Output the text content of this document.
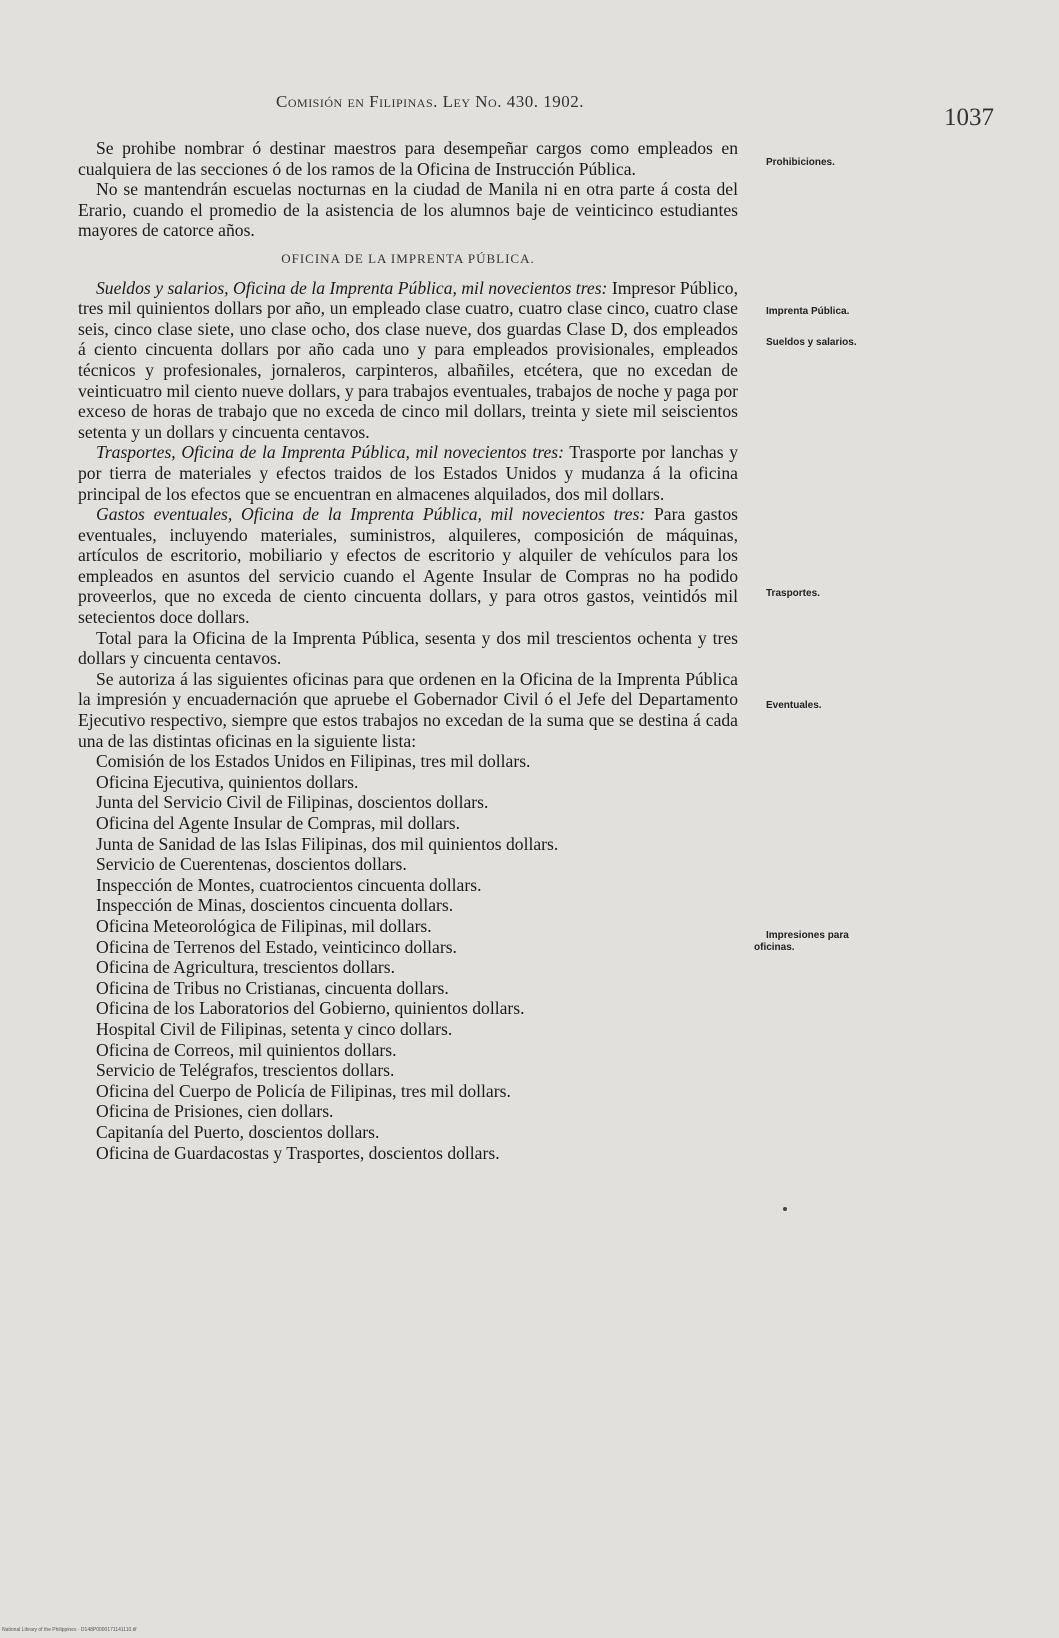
Comisión en Filipinas. Ley No. 430. 1902.
1037

Se prohibe nombrar ó destinar maestros para desempeñar cargos como empleados en cualquiera de las secciones ó de los ramos de la Oficina de Instrucción Pública.

No se mantendrán escuelas nocturnas en la ciudad de Manila ni en otra parte á costa del Erario, cuando el promedio de la asistencia de los alumnos baje de veinticinco estudiantes mayores de catorce años.

OFICINA DE LA IMPRENTA PÚBLICA.

Sueldos y salarios, Oficina de la Imprenta Pública, mil novecientos tres: Impresor Público, tres mil quinientos dollars por año, un empleado clase cuatro, cuatro clase cinco, cuatro clase seis, cinco clase siete, uno clase ocho, dos clase nueve, dos guardas Clase D, dos empleados á ciento cincuenta dollars por año cada uno y para empleados provisionales, empleados técnicos y profesionales, jornaleros, carpinteros, albañiles, etcétera, que no excedan de veinticuatro mil ciento nueve dollars, y para trabajos eventuales, trabajos de noche y paga por exceso de horas de trabajo que no exceda de cinco mil dollars, treinta y siete mil seiscientos setenta y un dollars y cincuenta centavos.

Trasportes, Oficina de la Imprenta Pública, mil novecientos tres: Trasporte por lanchas y por tierra de materiales y efectos traidos de los Estados Unidos y mudanza á la oficina principal de los efectos que se encuentran en almacenes alquilados, dos mil dollars.

Gastos eventuales, Oficina de la Imprenta Pública, mil novecientos tres: Para gastos eventuales, incluyendo materiales, suministros, alquileres, composición de máquinas, artículos de escritorio, mobiliario y efectos de escritorio y alquiler de vehículos para los empleados en asuntos del servicio cuando el Agente Insular de Compras no ha podido proveerlos, que no exceda de ciento cincuenta dollars, y para otros gastos, veintidós mil setecientos doce dollars.

Total para la Oficina de la Imprenta Pública, sesenta y dos mil trescientos ochenta y tres dollars y cincuenta centavos.

Se autoriza á las siguientes oficinas para que ordenen en la Oficina de la Imprenta Pública la impresión y encuadernación que apruebe el Gobernador Civil ó el Jefe del Departamento Ejecutivo respectivo, siempre que estos trabajos no excedan de la suma que se destina á cada una de las distintas oficinas en la siguiente lista:

Comisión de los Estados Unidos en Filipinas, tres mil dollars.
Oficina Ejecutiva, quinientos dollars.
Junta del Servicio Civil de Filipinas, doscientos dollars.
Oficina del Agente Insular de Compras, mil dollars.
Junta de Sanidad de las Islas Filipinas, dos mil quinientos dollars.
Servicio de Cuerentenas, doscientos dollars.
Inspección de Montes, cuatrocientos cincuenta dollars.
Inspección de Minas, doscientos cincuenta dollars.
Oficina Meteorológica de Filipinas, mil dollars.
Oficina de Terrenos del Estado, veinticinco dollars.
Oficina de Agricultura, trescientos dollars.
Oficina de Tribus no Cristianas, cincuenta dollars.
Oficina de los Laboratorios del Gobierno, quinientos dollars.
Hospital Civil de Filipinas, setenta y cinco dollars.
Oficina de Correos, mil quinientos dollars.
Servicio de Telégrafos, trescientos dollars.
Oficina del Cuerpo de Policía de Filipinas, tres mil dollars.
Oficina de Prisiones, cien dollars.
Capitanía del Puerto, doscientos dollars.
Oficina de Guardacostas y Trasportes, doscientos dollars.
Prohibiciones.
Imprenta Pública.
Sueldos y salarios.
Trasportes.
Eventuales.
Impresiones para
oficinas.
National Library of the Philippines · D148P0000171141110.tif
